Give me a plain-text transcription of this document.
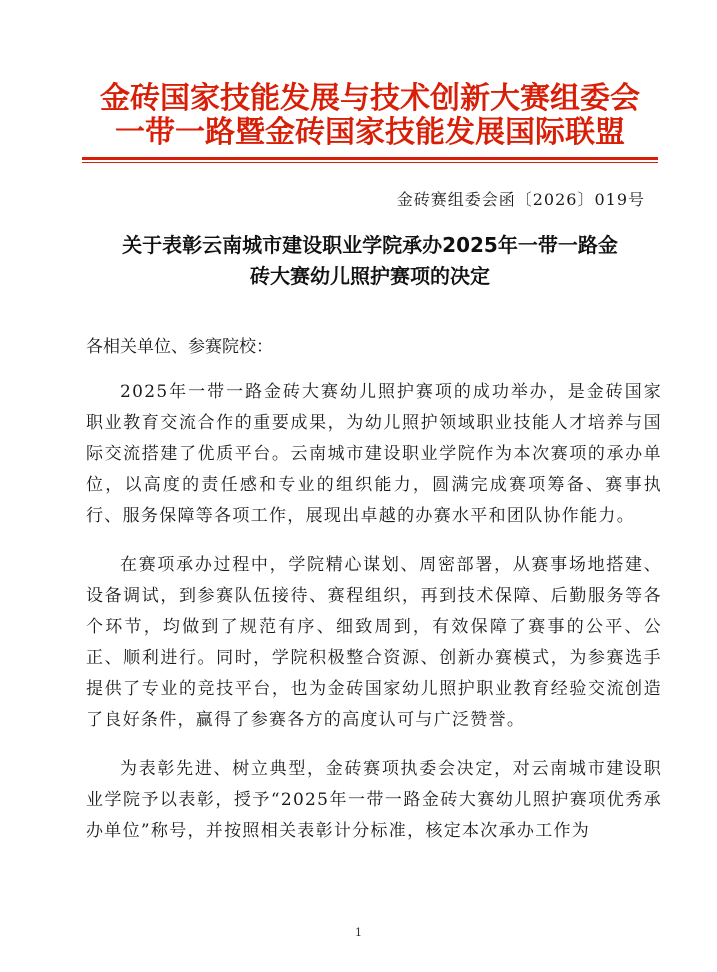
金砖国家技能发展与技术创新大赛组委会
一带一路暨金砖国家技能发展国际联盟
金砖赛组委会函〔2026〕019号
关于表彰云南城市建设职业学院承办2025年一带一路金
砖大赛幼儿照护赛项的决定
各相关单位、参赛院校：

2025年一带一路金砖大赛幼儿照护赛项的成功举办，是金砖国家职业教育交流合作的重要成果，为幼儿照护领域职业技能人才培养与国际交流搭建了优质平台。云南城市建设职业学院作为本次赛项的承办单位，以高度的责任感和专业的组织能力，圆满完成赛项筹备、赛事执行、服务保障等各项工作，展现出卓越的办赛水平和团队协作能力。

在赛项承办过程中，学院精心谋划、周密部署，从赛事场地搭建、设备调试，到参赛队伍接待、赛程组织，再到技术保障、后勤服务等各个环节，均做到了规范有序、细致周到，有效保障了赛事的公平、公正、顺利进行。同时，学院积极整合资源、创新办赛模式，为参赛选手提供了专业的竞技平台，也为金砖国家幼儿照护职业教育经验交流创造了良好条件，赢得了参赛各方的高度认可与广泛赞誉。

为表彰先进、树立典型，金砖赛项执委会决定，对云南城市建设职业学院予以表彰，授予“2025年一带一路金砖大赛幼儿照护赛项优秀承办单位”称号，并按照相关表彰计分标准，核定本次承办工作为

1
